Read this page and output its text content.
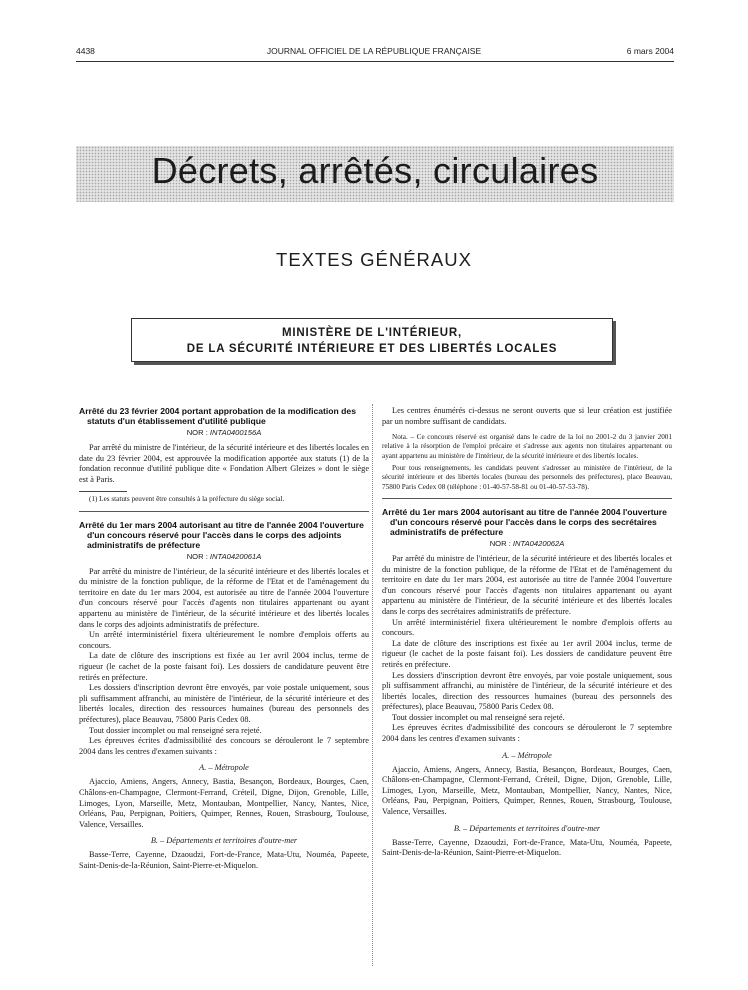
4438	JOURNAL OFFICIEL DE LA RÉPUBLIQUE FRANÇAISE	6 mars 2004
Décrets, arrêtés, circulaires
TEXTES GÉNÉRAUX
MINISTÈRE DE L'INTÉRIEUR,
DE LA SÉCURITÉ INTÉRIEURE ET DES LIBERTÉS LOCALES

Arrêté du 23 février 2004 portant approbation de la modification des statuts d'un établissement d'utilité publique

NOR : INTA0400156A

Par arrêté du ministre de l'intérieur, de la sécurité intérieure et des libertés locales en date du 23 février 2004, est approuvée la modification apportée aux statuts (1) de la fondation reconnue d'utilité publique dite « Fondation Albert Gleizes » dont le siège est à Paris.

(1) Les statuts peuvent être consultés à la préfecture du siège social.

Arrêté du 1er mars 2004 autorisant au titre de l'année 2004 l'ouverture d'un concours réservé pour l'accès dans le corps des adjoints administratifs de préfecture

NOR : INTA0420061A

Par arrêté du ministre de l'intérieur, de la sécurité intérieure et des libertés locales et du ministre de la fonction publique, de la réforme de l'Etat et de l'aménagement du territoire en date du 1er mars 2004, est autorisée au titre de l'année 2004 l'ouverture d'un concours réservé pour l'accès d'agents non titulaires appartenant ou ayant appartenu au ministère de l'intérieur, de la sécurité intérieure et des libertés locales dans le corps des adjoints administratifs de préfecture.

Un arrêté interministériel fixera ultérieurement le nombre d'emplois offerts au concours.

La date de clôture des inscriptions est fixée au 1er avril 2004 inclus, terme de rigueur (le cachet de la poste faisant foi). Les dossiers de candidature peuvent être retirés en préfecture.

Les dossiers d'inscription devront être envoyés, par voie postale uniquement, sous pli suffisamment affranchi, au ministère de l'intérieur, de la sécurité intérieure et des libertés locales, direction des ressources humaines (bureau des personnels des préfectures), place Beauvau, 75800 Paris Cedex 08.

Tout dossier incomplet ou mal renseigné sera rejeté.

Les épreuves écrites d'admissibilité des concours se dérouleront le 7 septembre 2004 dans les centres d'examen suivants :

A. – Métropole

Ajaccio, Amiens, Angers, Annecy, Bastia, Besançon, Bordeaux, Bourges, Caen, Châlons-en-Champagne, Clermont-Ferrand, Créteil, Digne, Dijon, Grenoble, Lille, Limoges, Lyon, Marseille, Metz, Montauban, Montpellier, Nancy, Nantes, Nice, Orléans, Pau, Perpignan, Poitiers, Quimper, Rennes, Rouen, Strasbourg, Toulouse, Valence, Versailles.

B. – Départements et territoires d'outre-mer

Basse-Terre, Cayenne, Dzaoudzi, Fort-de-France, Mata-Utu, Nouméa, Papeete, Saint-Denis-de-la-Réunion, Saint-Pierre-et-Miquelon.

Les centres énumérés ci-dessus ne seront ouverts que si leur création est justifiée par un nombre suffisant de candidats.

Nota. – Ce concours réservé est organisé dans le cadre de la loi no 2001-2 du 3 janvier 2001 relative à la résorption de l'emploi précaire et s'adresse aux agents non titulaires appartenant ou ayant appartenu au ministère de l'intérieur, de la sécurité intérieure et des libertés locales.

Pour tous renseignements, les candidats peuvent s'adresser au ministère de l'intérieur, de la sécurité intérieure et des libertés locales (bureau des personnels des préfectures), place Beauvau, 75800 Paris Cedex 08 (téléphone : 01-40-57-58-81 ou 01-40-57-53-78).

Arrêté du 1er mars 2004 autorisant au titre de l'année 2004 l'ouverture d'un concours réservé pour l'accès dans le corps des secrétaires administratifs de préfecture

NOR : INTA0420062A

Par arrêté du ministre de l'intérieur, de la sécurité intérieure et des libertés locales et du ministre de la fonction publique, de la réforme de l'Etat et de l'aménagement du territoire en date du 1er mars 2004, est autorisée au titre de l'année 2004 l'ouverture d'un concours réservé pour l'accès d'agents non titulaires appartenant ou ayant appartenu au ministère de l'intérieur, de la sécurité intérieure et des libertés locales dans le corps des secrétaires administratifs de préfecture.

Un arrêté interministériel fixera ultérieurement le nombre d'emplois offerts au concours.

La date de clôture des inscriptions est fixée au 1er avril 2004 inclus, terme de rigueur (le cachet de la poste faisant foi). Les dossiers de candidature peuvent être retirés en préfecture.

Les dossiers d'inscription devront être envoyés, par voie postale uniquement, sous pli suffisamment affranchi, au ministère de l'intérieur, de la sécurité intérieure et des libertés locales, direction des ressources humaines (bureau des personnels des préfectures), place Beauvau, 75800 Paris Cedex 08.

Tout dossier incomplet ou mal renseigné sera rejeté.

Les épreuves écrites d'admissibilité des concours se dérouleront le 7 septembre 2004 dans les centres d'examen suivants :

A. – Métropole

Ajaccio, Amiens, Angers, Annecy, Bastia, Besançon, Bordeaux, Bourges, Caen, Châlons-en-Champagne, Clermont-Ferrand, Créteil, Digne, Dijon, Grenoble, Lille, Limoges, Lyon, Marseille, Metz, Montauban, Montpellier, Nancy, Nantes, Nice, Orléans, Pau, Perpignan, Poitiers, Quimper, Rennes, Rouen, Strasbourg, Toulouse, Valence, Versailles.

B. – Départements et territoires d'outre-mer

Basse-Terre, Cayenne, Dzaoudzi, Fort-de-France, Mata-Utu, Nouméa, Papeete, Saint-Denis-de-la-Réunion, Saint-Pierre-et-Miquelon.
